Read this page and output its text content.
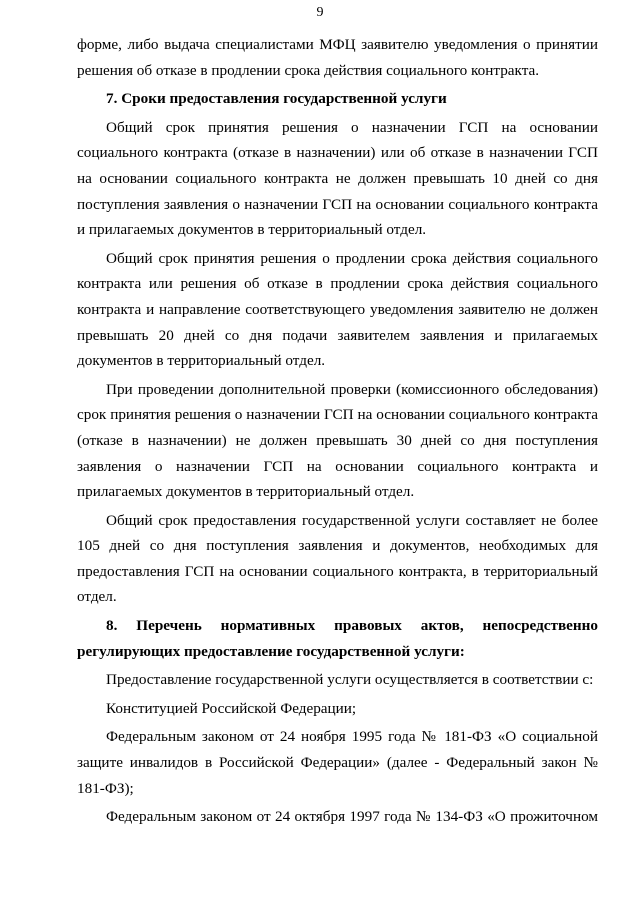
9

форме, либо выдача специалистами МФЦ заявителю уведомления о принятии решения об отказе в продлении срока действия социального контракта.

7. Сроки предоставления государственной услуги

Общий срок принятия решения о назначении ГСП на основании социального контракта (отказе в назначении) или об отказе в назначении ГСП на основании социального контракта не должен превышать 10 дней со дня поступления заявления о назначении ГСП на основании социального контракта и прилагаемых документов в территориальный отдел.

Общий срок принятия решения о продлении срока действия социального контракта или решения об отказе в продлении срока действия социального контракта и направление соответствующего уведомления заявителю не должен превышать 20 дней со дня подачи заявителем заявления и прилагаемых документов в территориальный отдел.

При проведении дополнительной проверки (комиссионного обследования) срок принятия решения о назначении ГСП на основании социального контракта (отказе в назначении) не должен превышать 30 дней со дня поступления заявления о назначении ГСП на основании социального контракта и прилагаемых документов в территориальный отдел.

Общий срок предоставления государственной услуги составляет не более 105 дней со дня поступления заявления и документов, необходимых для предоставления ГСП на основании социального контракта, в территориальный отдел.

8. Перечень нормативных правовых актов, непосредственно регулирующих предоставление государственной услуги:

Предоставление государственной услуги осуществляется в соответствии с:

Конституцией Российской Федерации;

Федеральным законом от 24 ноября 1995 года № 181-ФЗ «О социальной защите инвалидов в Российской Федерации» (далее - Федеральный закон № 181-ФЗ);

Федеральным законом от 24 октября 1997 года № 134-ФЗ «О прожиточном
